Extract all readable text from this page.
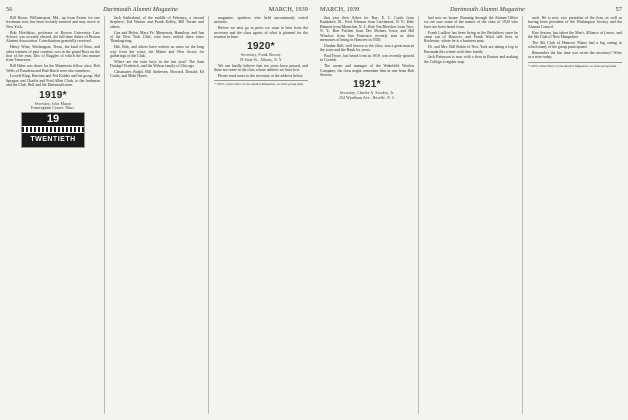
56	Dartmouth Alumni Magazine	MARCH, 1939

Bill Byron, Williamsport, Md., up from Exeter for one freshman tour, has been recently married and may move to New York.

Bob Hotchkiss, professor at Boston University Law School, was recently elected, the full-time duties of Boston Alumni Association. Contributions gratefully received.

Henry Wine, Washington, Texas, the kind of Ross, and other winners of past contests, was in the grand Ross on the first of the year, Doc of Ruggles of which the last minute from Tennessee.

Bill Hahn was down for the Minnesota fellow class. Bob Wells of Pasadena and Bud Hatch were also members.

Lowell King, Bartram and Ted Kidder and his group, Hal Sprague and Charlie and Fred Allen Clark, to the freshman and the Club. Bell and the Dartmouth men.

1919*
Secretary, John Mason
Framingham Centre, Mass.
19
TWENTIETH

Jack Sutherland, of the middle of February, a second fireplace; Ted Warner and Frank Kelley, Bill Turner and others.

Gus and Helen, Mary Fe, Minnesota, Hamilton, and Jim of the New York Club, who have settled there since Thanksgiving.

Hal, Bob, and others have written us notes on the long way from the coast, the Maine and New Jersey for gatherings of the Club.

Where are the twin boys in the last year? The Sam Dunlap? Frederick, and the Wilson family of Chicago.

Classmates Ralph, Bill Andersen, Howard, Donald, Ed Crafts, and Mike Harris.

magazine, speakers who held uncommonly varied interests.

Before we next go to press we want to hear from the secretary and the class agents of what is planned for the reunion in June.

1920*
Secretary, Frank Sloway
18 State St., Albany, N. Y.

We can hardly believe that ten years have passed, and there are some in the class whose address we have lost.

Please send notes to the secretary at the address below.

* 100%, subscribers to the Alumni Magazine, as class group plan.
MARCH, 1939	Dartmouth Alumni Magazine	57

that year their Sykes for Ray; E. C. Curtis from Kankakee, Ill.; Fred Johnson from Larchmont, N. Y.; Dale Bennett from Montclair, N. J.; Bob Van Bleecker from Troy, N. Y.; Ron Fitchett from Des Moines, Iowa; and Hal Winslow from San Francisco recently sent us their memories of being in Hanover in 1920.

Dunbar Hall, well known to the class, was a great man in the town and the Bank for years.

Paul Foote, last heard from in 1919, was recently spotted in Corinth.

The owner and manager of the Wakefield Woolen Company; the class might remember him as one from Bob Stetson.

1921*
Secretary, Charles A. Stockey, Jr.
254 Wyndham Ave., Roselle, N. J.

had now no house. Running through the Alumni Office we are sure some of the names of the class of 1920 who have not been heard from.

Frank Ludlow has been living in the Berkshires since he came out of Hanover, and Frank Ward still lives in Rochester, where he is a business man.

Dr. and Mrs. Bill Rubin of New York are taking a trip to Bermuda this winter with their family.

Jack Patterson is now with a firm in Boston and making the College a regular stop.

such. He is now vice president of the firm, as well as having been president of the Washington Society and the Alumni Council.

Ken Sexton, has taken the Men's Alliance at Lenox, and the Ski Club of New Hampshire.

The Ski Club of Hanover Plains had a big outing in which many of the group participated.

Remember the last time you wrote the secretary? Write us a note today.

* 100% subscribers to the Alumni Magazine, as class group plan.
